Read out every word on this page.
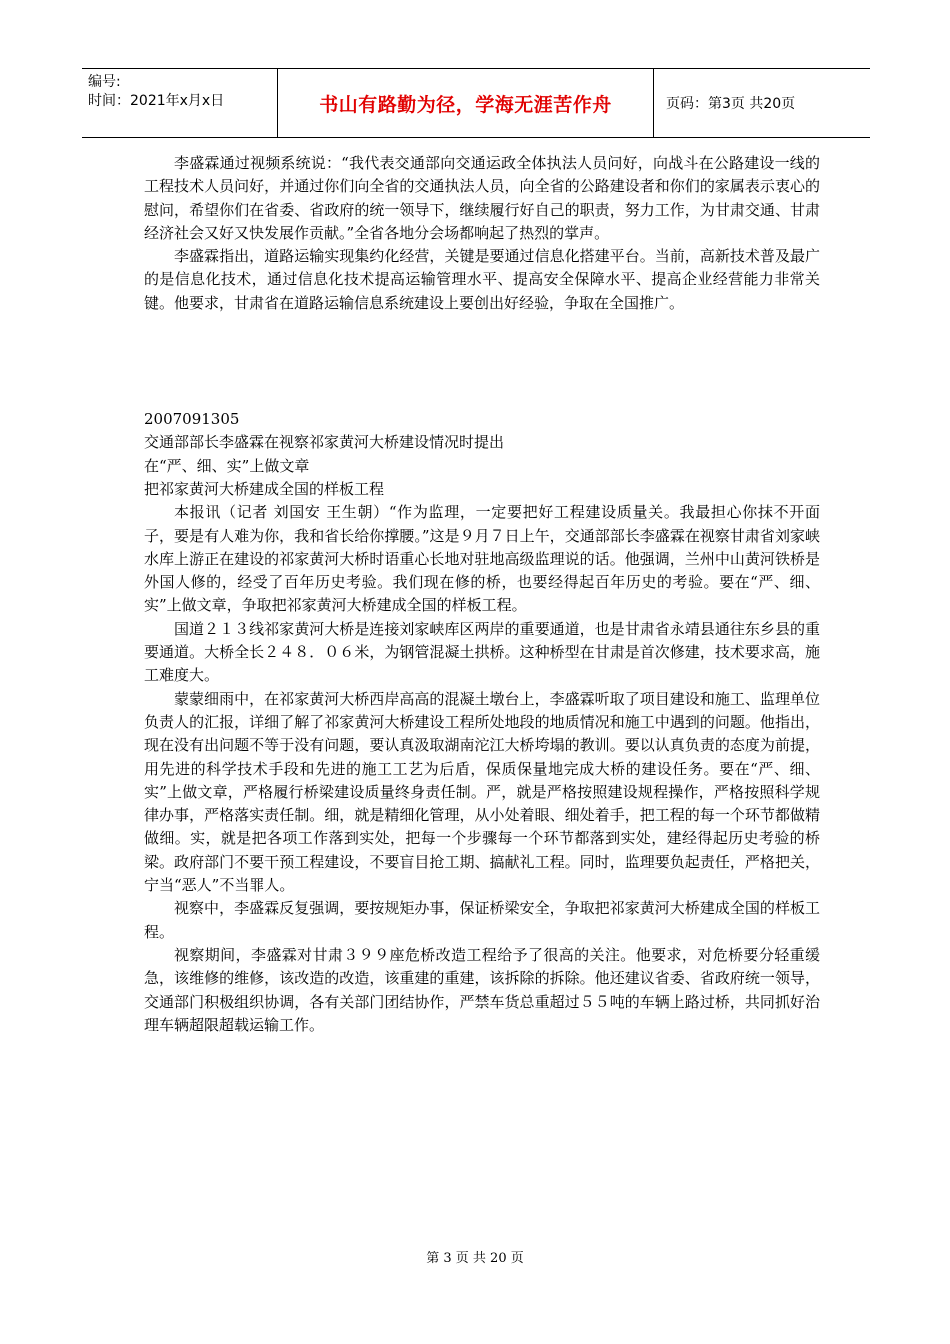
编号:
时间：2021年x月x日	书山有路勤为径，学海无涯苦作舟	页码：第3页 共20页

李盛霖通过视频系统说：“我代表交通部向交通运政全体执法人员问好，向战斗在公路建设一线的工程技术人员问好，并通过你们向全省的交通执法人员，向全省的公路建设者和你们的家属表示衷心的慰问，希望你们在省委、省政府的统一领导下，继续履行好自己的职责，努力工作，为甘肃交通、甘肃经济社会又好又快发展作贡献。”全省各地分会场都响起了热烈的掌声。

李盛霖指出，道路运输实现集约化经营，关键是要通过信息化搭建平台。当前，高新技术普及最广的是信息化技术，通过信息化技术提高运输管理水平、提高安全保障水平、提高企业经营能力非常关键。他要求，甘肃省在道路运输信息系统建设上要创出好经验，争取在全国推广。

2007091305

交通部部长李盛霖在视察祁家黄河大桥建设情况时提出

在“严、细、实”上做文章

把祁家黄河大桥建成全国的样板工程

本报讯（记者 刘国安 王生朝）“作为监理，一定要把好工程建设质量关。我最担心你抹不开面子，要是有人难为你，我和省长给你撑腰。”这是９月７日上午，交通部部长李盛霖在视察甘肃省刘家峡水库上游正在建设的祁家黄河大桥时语重心长地对驻地高级监理说的话。他强调，兰州中山黄河铁桥是外国人修的，经受了百年历史考验。我们现在修的桥，也要经得起百年历史的考验。要在“严、细、实”上做文章，争取把祁家黄河大桥建成全国的样板工程。

国道２１３线祁家黄河大桥是连接刘家峡库区两岸的重要通道，也是甘肃省永靖县通往东乡县的重要通道。大桥全长２４８．０６米，为钢管混凝土拱桥。这种桥型在甘肃是首次修建，技术要求高，施工难度大。

蒙蒙细雨中，在祁家黄河大桥西岸高高的混凝土墩台上，李盛霖听取了项目建设和施工、监理单位负责人的汇报，详细了解了祁家黄河大桥建设工程所处地段的地质情况和施工中遇到的问题。他指出，现在没有出问题不等于没有问题，要认真汲取湖南沱江大桥垮塌的教训。要以认真负责的态度为前提，用先进的科学技术手段和先进的施工工艺为后盾，保质保量地完成大桥的建设任务。要在“严、细、实”上做文章，严格履行桥梁建设质量终身责任制。严，就是严格按照建设规程操作，严格按照科学规律办事，严格落实责任制。细，就是精细化管理，从小处着眼、细处着手，把工程的每一个环节都做精做细。实，就是把各项工作落到实处，把每一个步骤每一个环节都落到实处，建经得起历史考验的桥梁。政府部门不要干预工程建设，不要盲目抢工期、搞献礼工程。同时，监理要负起责任，严格把关，宁当“恶人”不当罪人。

视察中，李盛霖反复强调，要按规矩办事，保证桥梁安全，争取把祁家黄河大桥建成全国的样板工程。

视察期间，李盛霖对甘肃３９９座危桥改造工程给予了很高的关注。他要求，对危桥要分轻重缓急，该维修的维修，该改造的改造，该重建的重建，该拆除的拆除。他还建议省委、省政府统一领导，交通部门积极组织协调，各有关部门团结协作，严禁车货总重超过５５吨的车辆上路过桥，共同抓好治理车辆超限超载运输工作。

第 3 页 共 20 页
